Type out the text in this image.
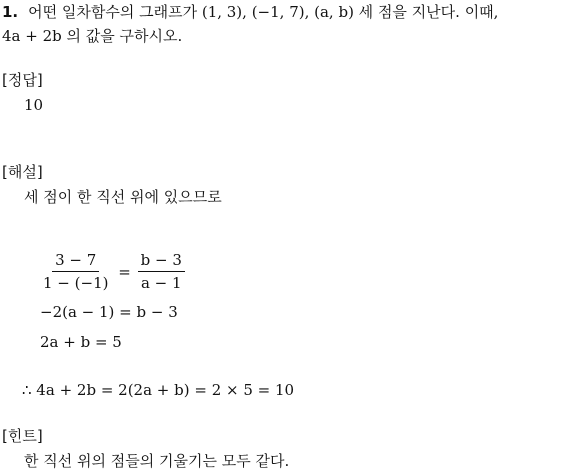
1. 어떤 일차함수의 그래프가 (1, 3), (−1, 7), (a, b) 세 점을 지난다. 이때,
4a + 2b 의 값을 구하시오.
[정답]
10
[해설]
세 점이 한 직선 위에 있으므로
$\frac{3 - 7}{1 - (-1)} = \frac{b - 3}{a - 1}$
−2(a − 1) = b − 3
2a + b = 5
∴ 4a + 2b = 2(2a + b) = 2 × 5 = 10
[힌트]
한 직선 위의 점들의 기울기는 모두 같다.
